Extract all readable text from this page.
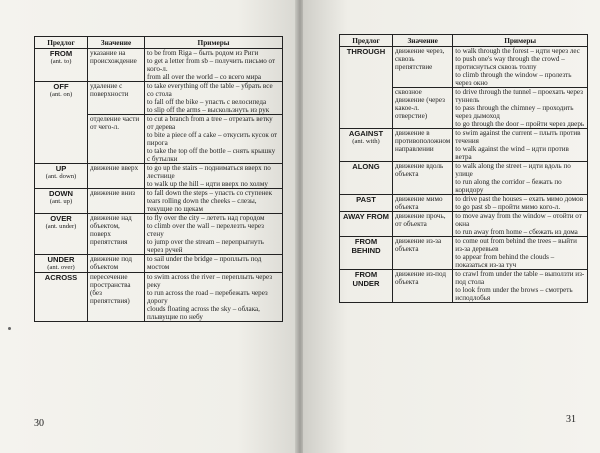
Предлог	Значение	Примеры

FROM
(ant. to)	указание на происхождение	to be from Riga – быть родом из Риги
to get a letter from sb – получить письмо от кого-л.
from all over the world – со всего мира

OFF
(ant. on)	удаление с поверхности	to take everything off the table – убрать все со стола
to fall off the bike – упасть с велосипеда
to slip off the arms – выскользнуть из рук

	отделение части от чего-л.	to cut a branch from a tree – отрезать ветку от дерева
to bite a piece off a cake – откусить кусок от пирога
to take the top off the bottle – снять крышку с бутылки

UP
(ant. down)	движение вверх	to go up the stairs – подниматься вверх по лестнице
to walk up the hill – идти вверх по холму

DOWN
(ant. up)	движение вниз	to fall down the steps – упасть со ступенек
tears rolling down the cheeks – слезы, текущие по щекам

OVER
(ant. under)	движение над объектом, поверх препятствия	to fly over the city – лететь над городом
to climb over the wall – перелезть через стену
to jump over the stream – перепрыгнуть через ручей

UNDER
(ant. over)	движение под объектом	to sail under the bridge – проплыть под мостом

ACROSS	пересечение пространства (без препятствия)	to swim across the river – переплыть через реку
to run across the road – перебежать через дорогу
clouds floating across the sky – облака, плывущие по небу
30
Предлог	Значение	Примеры

THROUGH	движение через, сквозь препятствие	to walk through the forest – идти через лес
to push one's way through the crowd – протиснуться сквозь толпу
to climb through the window – пролезть через окно

	сквозное движение (через какое-л. отверстие)	to drive through the tunnel – проехать через туннель
to pass through the chimney – проходить через дымоход
to go through the door – пройти через дверь

AGAINST
(ant. with)	движение в противоположном направлении	to swim against the current – плыть против течения
to walk against the wind – идти против ветра

ALONG	движение вдоль объекта	to walk along the street – идти вдоль по улице
to run along the corridor – бежать по коридору

PAST	движение мимо объекта	to drive past the houses – ехать мимо домов
to go past sb – пройти мимо кого-л.

AWAY FROM	движение прочь, от объекта	to move away from the window – отойти от окна
to run away from home – сбежать из дома

FROM BEHIND	движение из-за объекта	to come out from behind the trees – выйти из-за деревьев
to appear from behind the clouds – показаться из-за туч

FROM UNDER	движение из-под объекта	to crawl from under the table – выползти из-под стола
to look from under the brows – смотреть исподлобья
31
